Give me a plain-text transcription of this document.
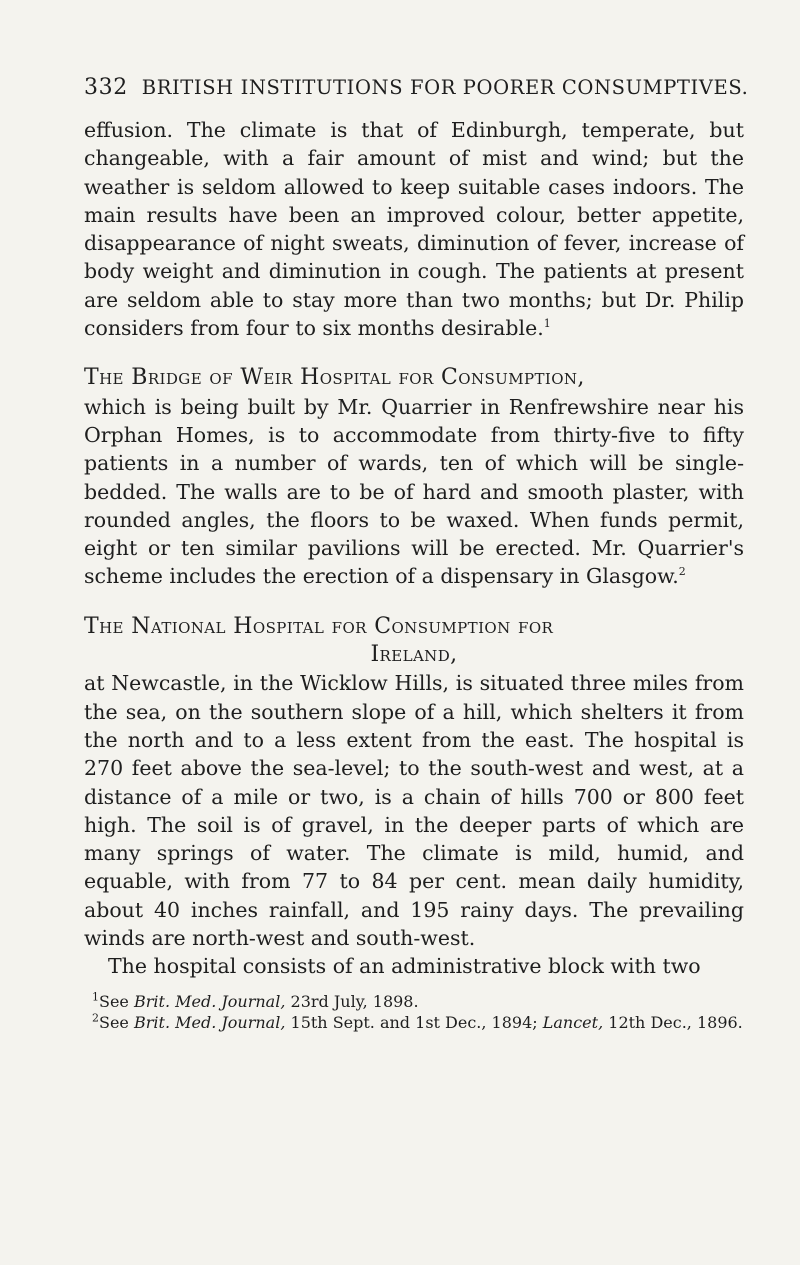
332 BRITISH INSTITUTIONS FOR POORER CONSUMPTIVES.

effusion. The climate is that of Edinburgh, temperate, but changeable, with a fair amount of mist and wind; but the weather is seldom allowed to keep suitable cases indoors. The main results have been an improved colour, better appetite, disappearance of night sweats, diminution of fever, increase of body weight and diminution in cough. The patients at present are seldom able to stay more than two months; but Dr. Philip considers from four to six months desirable.$^1$

The Bridge of Weir Hospital for Consumption,

which is being built by Mr. Quarrier in Renfrewshire near his Orphan Homes, is to accommodate from thirty-five to fifty patients in a number of wards, ten of which will be single-bedded. The walls are to be of hard and smooth plaster, with rounded angles, the floors to be waxed. When funds permit, eight or ten similar pavilions will be erected. Mr. Quarrier's scheme includes the erection of a dispensary in Glasgow.$^2$

The National Hospital for Consumption for
Ireland,

at Newcastle, in the Wicklow Hills, is situated three miles from the sea, on the southern slope of a hill, which shelters it from the north and to a less extent from the east. The hospital is 270 feet above the sea-level; to the south-west and west, at a distance of a mile or two, is a chain of hills 700 or 800 feet high. The soil is of gravel, in the deeper parts of which are many springs of water. The climate is mild, humid, and equable, with from 77 to 84 per cent. mean daily humidity, about 40 inches rainfall, and 195 rainy days. The prevailing winds are north-west and south-west.

The hospital consists of an administrative block with two

$^1$See Brit. Med. Journal, 23rd July, 1898.

$^2$See Brit. Med. Journal, 15th Sept. and 1st Dec., 1894; Lancet, 12th Dec., 1896.
